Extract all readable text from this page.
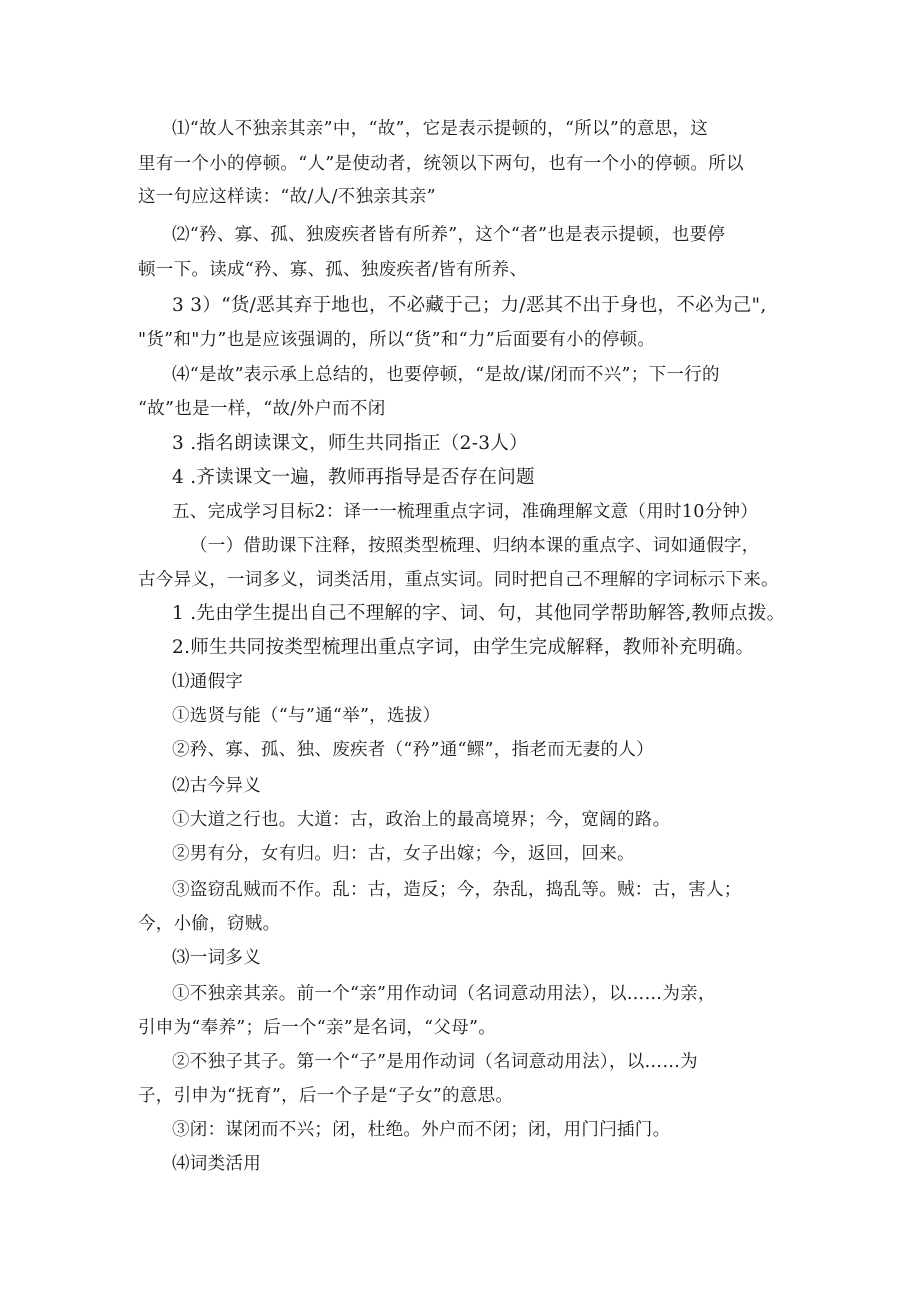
⑴“故人不独亲其亲”中，“故”，它是表示提顿的，“所以”的意思，这
里有一个小的停顿。“人”是使动者，统领以下两句，也有一个小的停顿。所以
这一句应这样读：“故/人/不独亲其亲”
⑵“矜、寡、孤、独废疾者皆有所养”，这个“者”也是表示提顿，也要停
顿一下。读成“矜、寡、孤、独废疾者/皆有所养、
3 3）“货/恶其弃于地也，不必藏于己；力/恶其不出于身也，不必为己",
"货”和"力”也是应该强调的，所以“货”和“力”后面要有小的停顿。
⑷“是故”表示承上总结的，也要停顿，“是故/谋/闭而不兴”；下一行的
“故”也是一样，“故/外户而不闭
3 .指名朗读课文，师生共同指正（2-3人）
4 .齐读课文一遍，教师再指导是否存在问题
五、完成学习目标2：译一一梳理重点字词，准确理解文意（用时10分钟）
（一）借助课下注释，按照类型梳理、归纳本课的重点字、词如通假字，
古今异义，一词多义，词类活用，重点实词。同时把自己不理解的字词标示下来。
1 .先由学生提出自己不理解的字、词、句，其他同学帮助解答,教师点拨。
2.师生共同按类型梳理出重点字词，由学生完成解释，教师补充明确。
⑴通假字
①选贤与能（“与”通“举”，选拔）
②矜、寡、孤、独、废疾者（“矜”通“鳏”，指老而无妻的人）
⑵古今异义
①大道之行也。大道：古，政治上的最高境界；今，宽阔的路。
②男有分，女有归。归：古，女子出嫁；今，返回，回来。
③盗窃乱贼而不作。乱：古，造反；今，杂乱，捣乱等。贼：古，害人；
今，小偷，窃贼。
⑶一词多义
①不独亲其亲。前一个“亲”用作动词（名词意动用法），以……为亲，
引申为“奉养”；后一个“亲”是名词，“父母”。
②不独子其子。第一个“子”是用作动词（名词意动用法），以……为
子，引申为“抚育”，后一个子是“子女”的意思。
③闭：谋闭而不兴；闭，杜绝。外户而不闭；闭，用门闩插门。
⑷词类活用
